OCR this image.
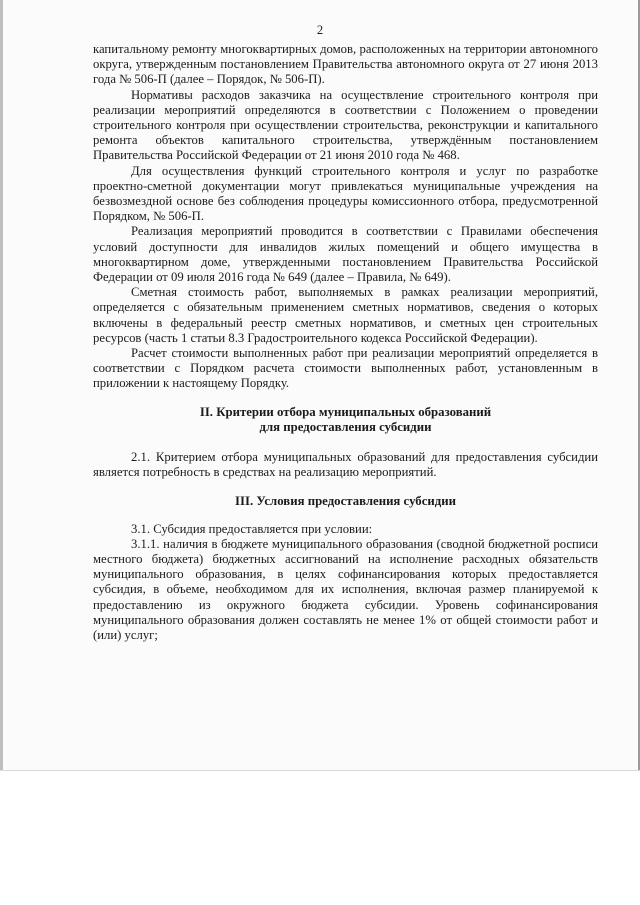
2

капитальному ремонту многоквартирных домов, расположенных на территории автономного округа, утвержденным постановлением Правительства автономного округа от 27 июня 2013 года № 506-П (далее – Порядок, № 506-П).

Нормативы расходов заказчика на осуществление строительного контроля при реализации мероприятий определяются в соответствии с Положением о проведении строительного контроля при осуществлении строительства, реконструкции и капитального ремонта объектов капитального строительства, утверждённым постановлением Правительства Российской Федерации от 21 июня 2010 года № 468.

Для осуществления функций строительного контроля и услуг по разработке проектно-сметной документации могут привлекаться муниципальные учреждения на безвозмездной основе без соблюдения процедуры комиссионного отбора, предусмотренной Порядком, № 506-П.

Реализация мероприятий проводится в соответствии с Правилами обеспечения условий доступности для инвалидов жилых помещений и общего имущества в многоквартирном доме, утвержденными постановлением Правительства Российской Федерации от 09 июля 2016 года № 649 (далее – Правила, № 649).

Сметная стоимость работ, выполняемых в рамках реализации мероприятий, определяется с обязательным применением сметных нормативов, сведения о которых включены в федеральный реестр сметных нормативов, и сметных цен строительных ресурсов (часть 1 статьи 8.3 Градостроительного кодекса Российской Федерации).

Расчет стоимости выполненных работ при реализации мероприятий определяется в соответствии с Порядком расчета стоимости выполненных работ, установленным в приложении к настоящему Порядку.

II. Критерии отбора муниципальных образований
для предоставления субсидии

2.1. Критерием отбора муниципальных образований для предоставления субсидии является потребность в средствах на реализацию мероприятий.

III. Условия предоставления субсидии

3.1. Субсидия предоставляется при условии:

3.1.1. наличия в бюджете муниципального образования (сводной бюджетной росписи местного бюджета) бюджетных ассигнований на исполнение расходных обязательств муниципального образования, в целях софинансирования которых предоставляется субсидия, в объеме, необходимом для их исполнения, включая размер планируемой к предоставлению из окружного бюджета субсидии. Уровень софинансирования муниципального образования должен составлять не менее 1% от общей стоимости работ и (или) услуг;
